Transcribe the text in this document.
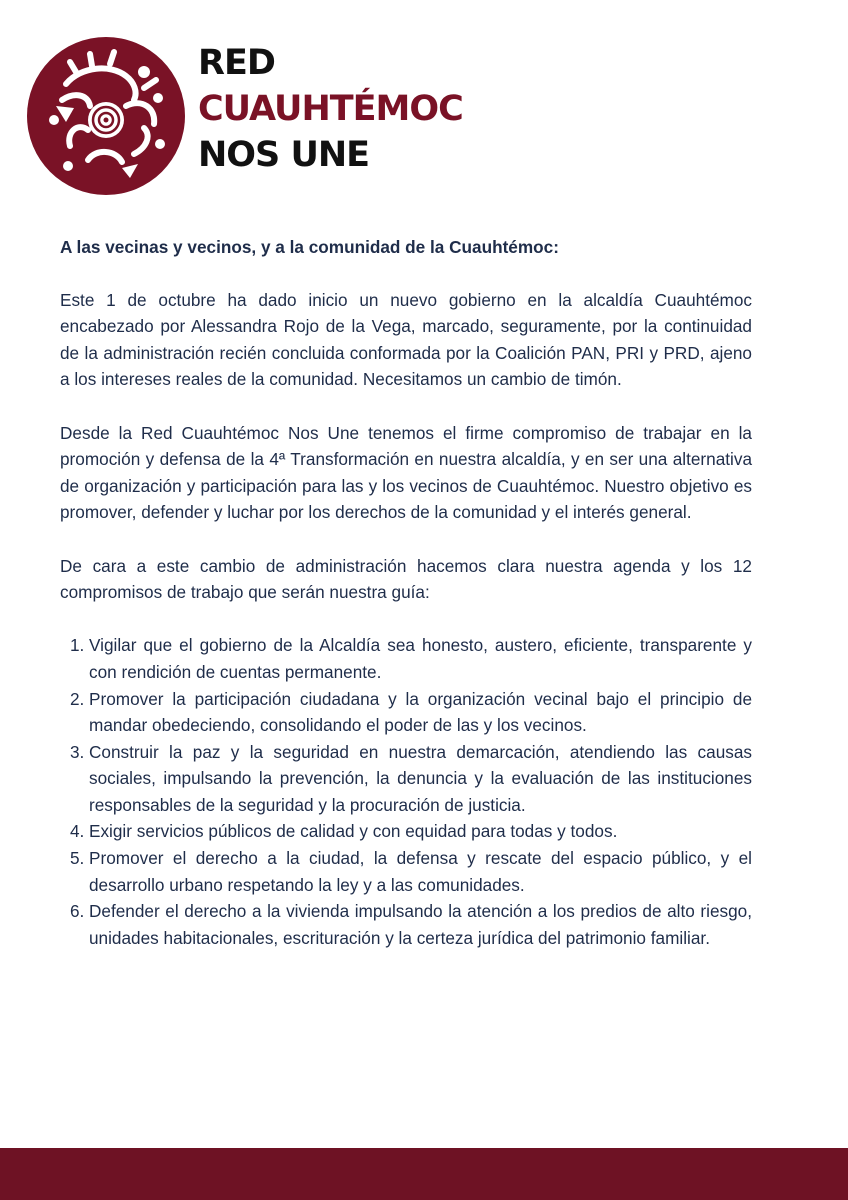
RED
CUAUHTÉMOC
NOS UNE
A las vecinas y vecinos, y a la comunidad de la Cuauhtémoc:

Este 1 de octubre ha dado inicio un nuevo gobierno en la alcaldía Cuauhtémoc encabezado por Alessandra Rojo de la Vega, marcado, seguramente, por la continuidad de la administración recién concluida conformada por la Coalición PAN, PRI y PRD, ajeno a los intereses reales de la comunidad. Necesitamos un cambio de timón.

Desde la Red Cuauhtémoc Nos Une tenemos el firme compromiso de trabajar en la promoción y defensa de la 4ª Transformación en nuestra alcaldía, y en ser una alternativa de organización y participación para las y los vecinos de Cuauhtémoc. Nuestro objetivo es promover, defender y luchar por los derechos de la comunidad y el interés general.

De cara a este cambio de administración hacemos clara nuestra agenda y los 12 compromisos de trabajo que serán nuestra guía:

1. Vigilar que el gobierno de la Alcaldía sea honesto, austero, eficiente, transparente y con rendición de cuentas permanente.
2. Promover la participación ciudadana y la organización vecinal bajo el principio de mandar obedeciendo, consolidando el poder de las y los vecinos.
3. Construir la paz y la seguridad en nuestra demarcación, atendiendo las causas sociales, impulsando la prevención, la denuncia y la evaluación de las instituciones responsables de la seguridad y la procuración de justicia.
4. Exigir servicios públicos de calidad y con equidad para todas y todos.
5. Promover el derecho a la ciudad, la defensa y rescate del espacio público, y el desarrollo urbano respetando la ley y a las comunidades.
6. Defender el derecho a la vivienda impulsando la atención a los predios de alto riesgo, unidades habitacionales, escrituración y la certeza jurídica del patrimonio familiar.
